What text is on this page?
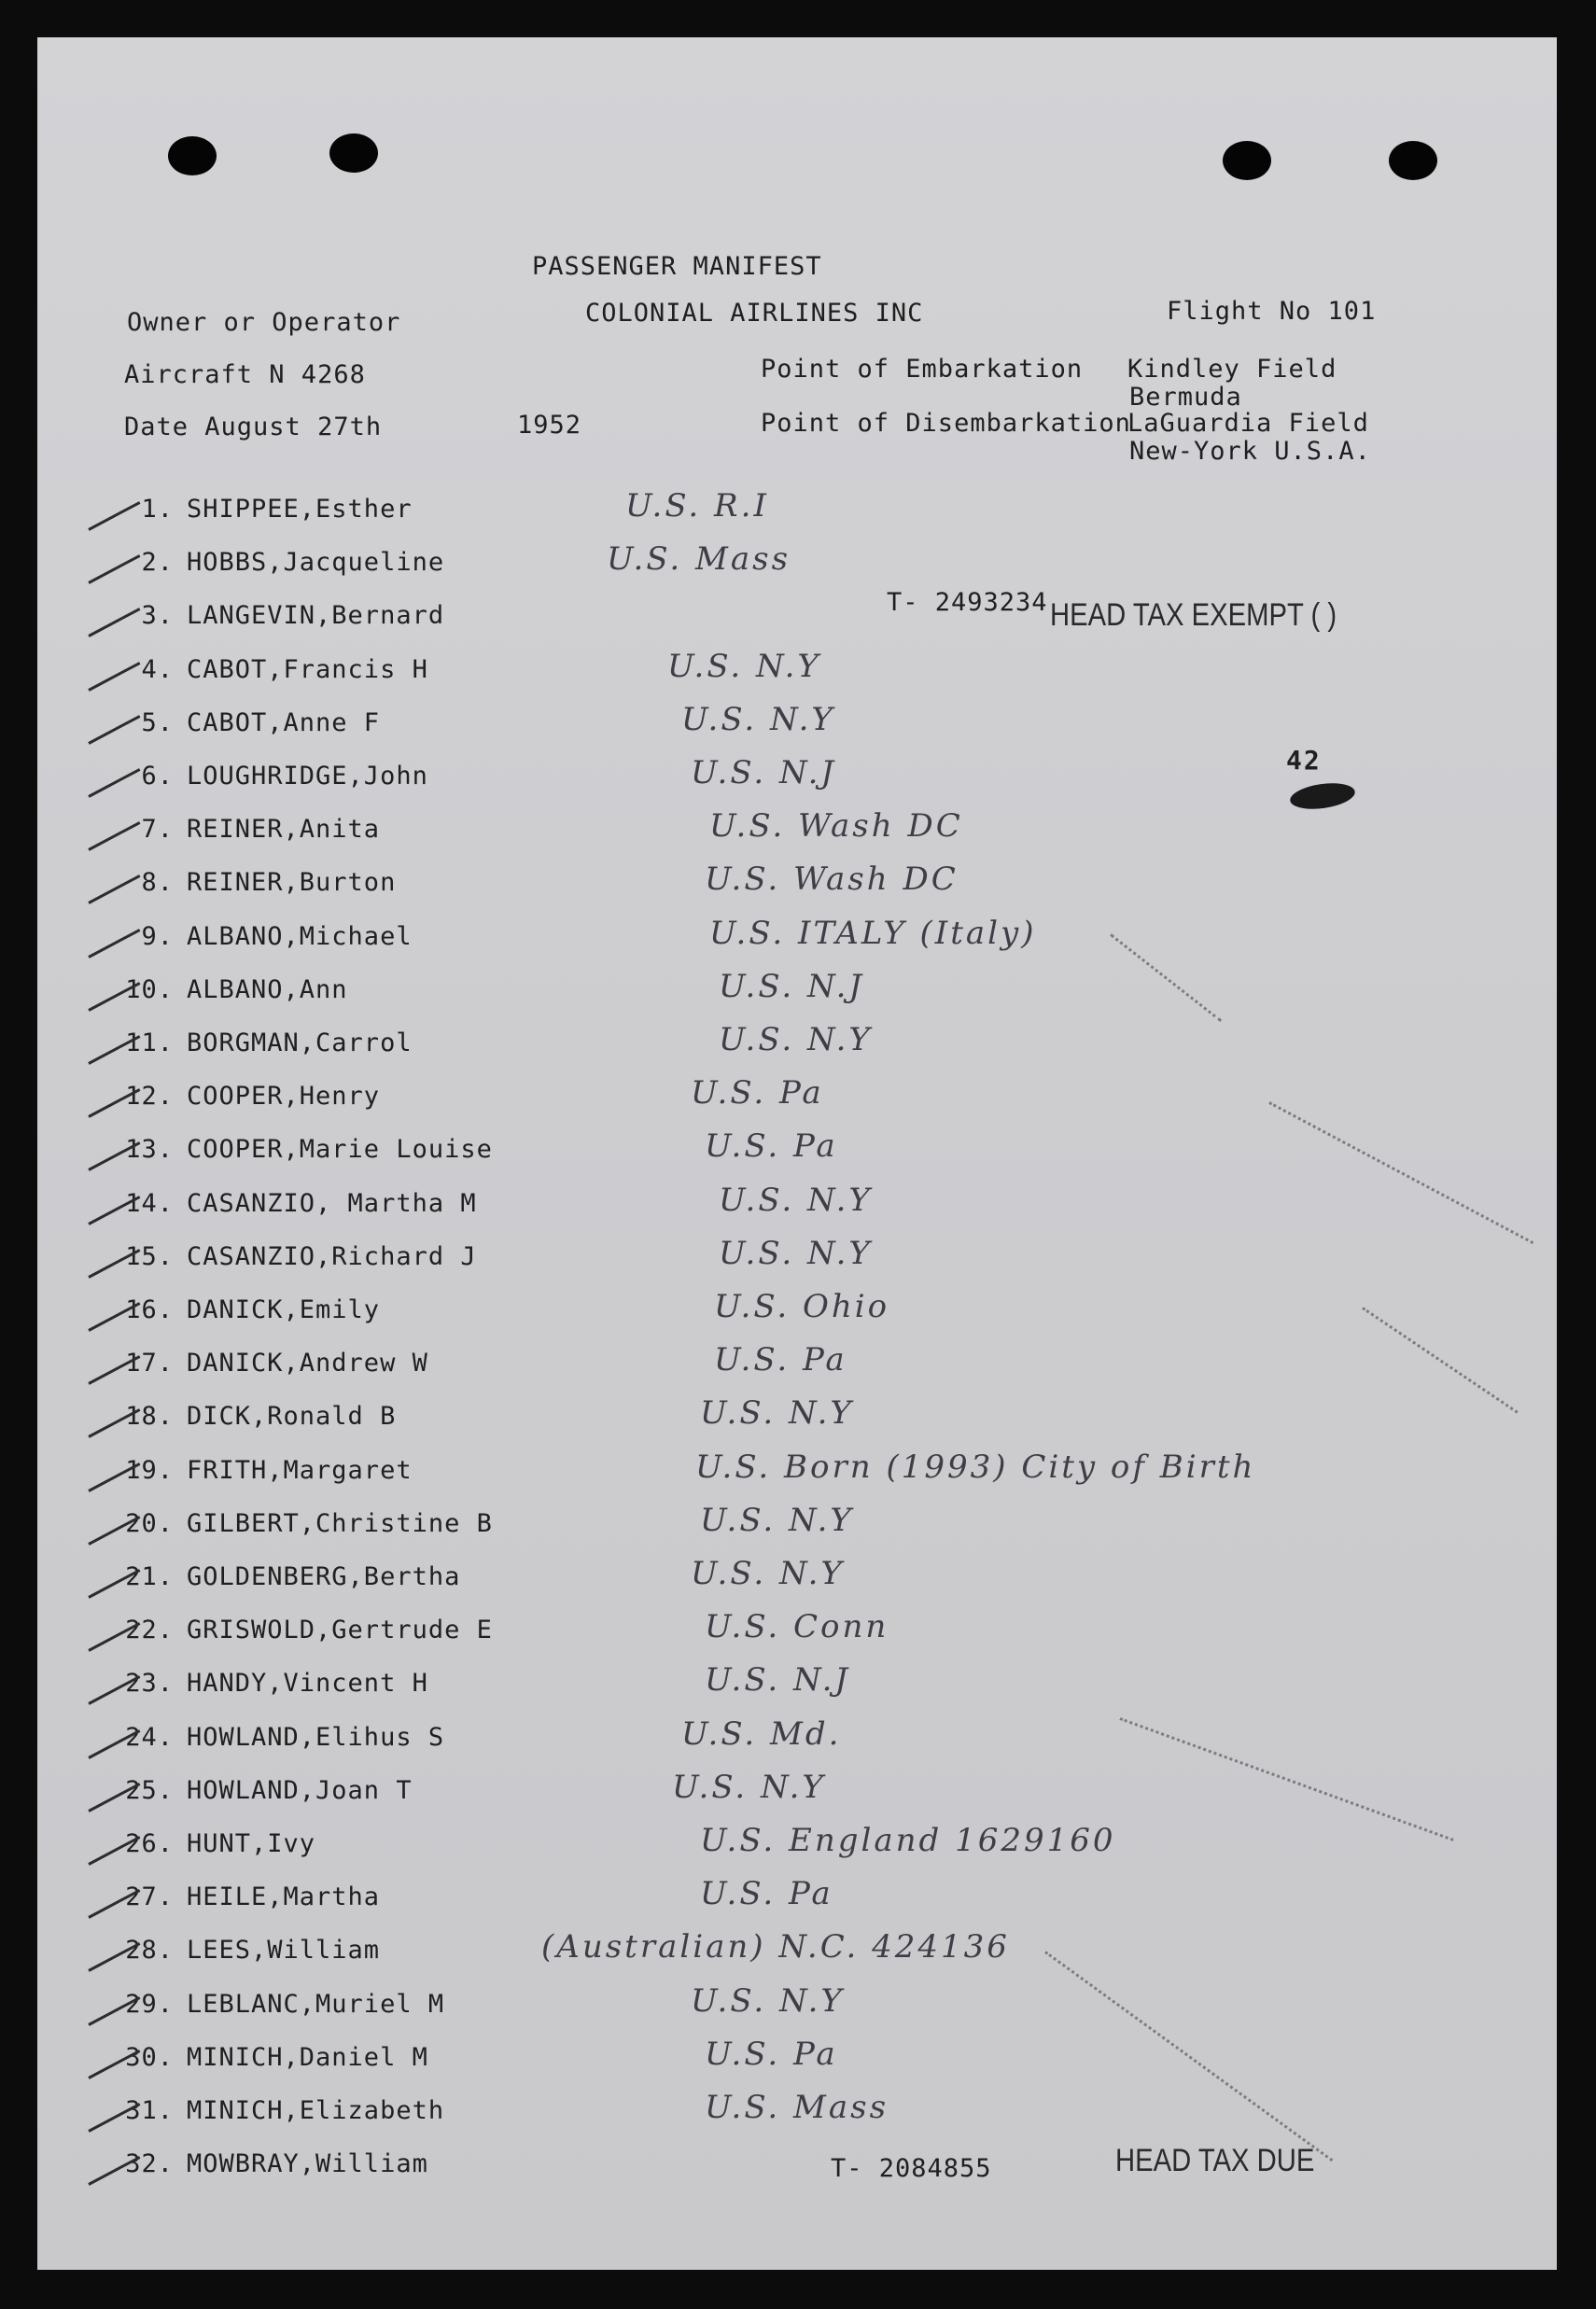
PASSENGER MANIFEST
Owner or Operator	COLONIAL AIRLINES INC	Flight No 101
Aircraft N 4268	Point of Embarkation Kindley Field
Bermuda
Date August 27th	1952	Point of Disembarkation
LaGuardia Field
New-York U.S.A.
T- 2493234 HEAD TAX EXEMPT ( )
42
T- 2084855	HEAD TAX DUE
1. SHIPPEE,Esther	U.S. R.I
2. HOBBS,Jacqueline	U.S. Mass
3. LANGEVIN,Bernard
4. CABOT,Francis H	U.S. N.Y
5. CABOT,Anne F	U.S. N.Y
6. LOUGHRIDGE,John	U.S. N.J
7. REINER,Anita	U.S. Wash DC
8. REINER,Burton	U.S. Wash DC
9. ALBANO,Michael	U.S. ITALY (Italy)
10. ALBANO,Ann	U.S. N.J
11. BORGMAN,Carrol	U.S. N.Y
12. COOPER,Henry	U.S. Pa
13. COOPER,Marie Louise	U.S. Pa
14. CASANZIO, Martha M	U.S. N.Y
15. CASANZIO,Richard J	U.S. N.Y
16. DANICK,Emily	U.S. Ohio
17. DANICK,Andrew W	U.S. Pa
18. DICK,Ronald B	U.S. N.Y
19. FRITH,Margaret	U.S. Born (1993) City of Birth
20. GILBERT,Christine B	U.S. N.Y
21. GOLDENBERG,Bertha	U.S. N.Y
22. GRISWOLD,Gertrude E	U.S. Conn
23. HANDY,Vincent H	U.S. N.J
24. HOWLAND,Elihus S	U.S. Md.
25. HOWLAND,Joan T	U.S. N.Y
26. HUNT,Ivy	U.S. England 1629160
27. HEILE,Martha	U.S. Pa
28. LEES,William	(Australian) N.C. 424136
29. LEBLANC,Muriel M	U.S. N.Y
30. MINICH,Daniel M	U.S. Pa
31. MINICH,Elizabeth	U.S. Mass
32. MOWBRAY,William
